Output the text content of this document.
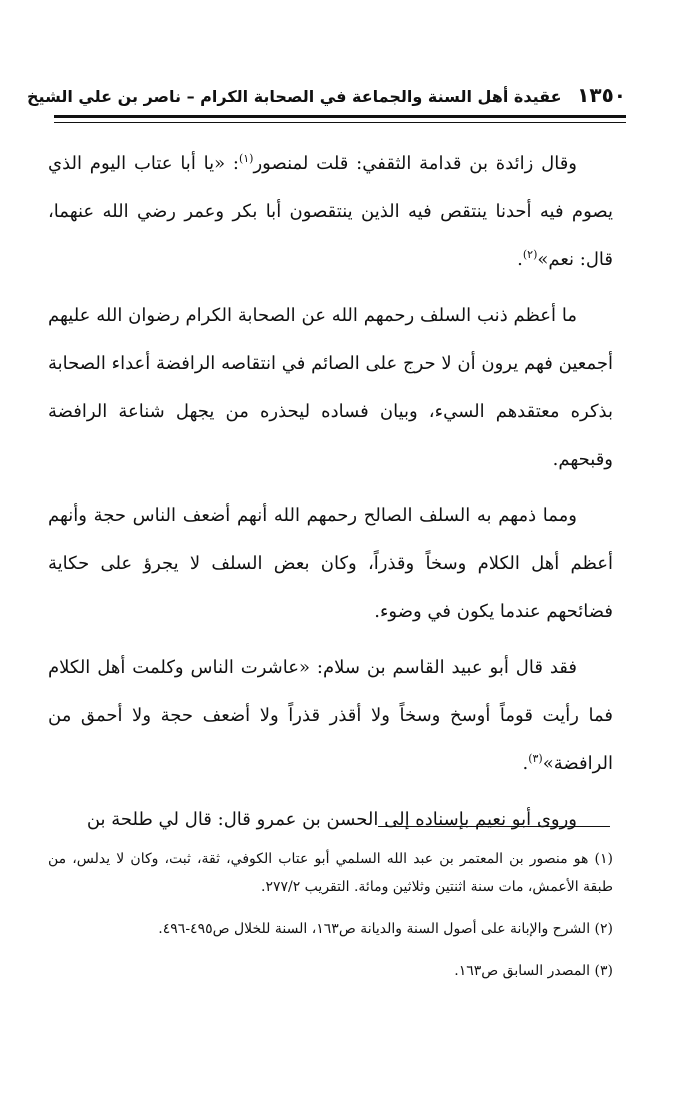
١٣٥٠ عقيدة أهل السنة والجماعة في الصحابة الكرام – ناصر بن علي الشيخ

وقال زائدة بن قدامة الثقفي: قلت لمنصور$^{(١)}$: «يا أبا عتاب اليوم الذي يصوم فيه أحدنا ينتقص فيه الذين ينتقصون أبا بكر وعمر رضي الله عنهما، قال: نعم»$^{(٢)}$.

ما أعظم ذنب السلف رحمهم الله عن الصحابة الكرام رضوان الله عليهم أجمعين فهم يرون أن لا حرج على الصائم في انتقاصه الرافضة أعداء الصحابة بذكره معتقدهم السيء، وبيان فساده ليحذره من يجهل شناعة الرافضة وقبحهم.

ومما ذمهم به السلف الصالح رحمهم الله أنهم أضعف الناس حجة وأنهم أعظم أهل الكلام وسخاً وقذراً، وكان بعض السلف لا يجرؤ على حكاية فضائحهم عندما يكون في وضوء.

فقد قال أبو عبيد القاسم بن سلام: «عاشرت الناس وكلمت أهل الكلام فما رأيت قوماً أوسخ وسخاً ولا أقذر قذراً ولا أضعف حجة ولا أحمق من الرافضة»$^{(٣)}$.

وروى أبو نعيم بإسناده إلى الحسن بن عمرو قال: قال لي طلحة بن

(١) هو منصور بن المعتمر بن عبد الله السلمي أبو عتاب الكوفي، ثقة، ثبت، وكان لا يدلس، من طبقة الأعمش، مات سنة اثنتين وثلاثين ومائة. التقريب ٢٧٧/٢.

(٢) الشرح والإبانة على أصول السنة والديانة ص١٦٣، السنة للخلال ص٤٩٥-٤٩٦.

(٣) المصدر السابق ص١٦٣.
